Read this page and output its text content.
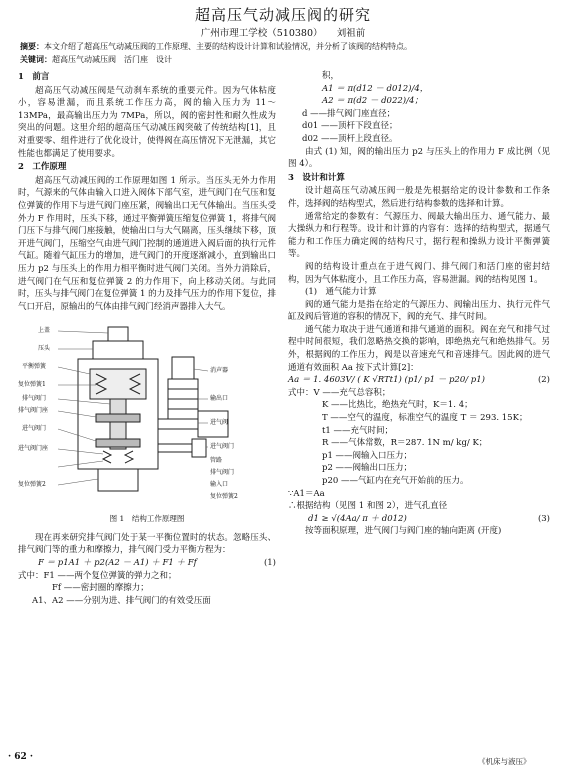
超高压气动减压阀的研究
广州市理工学校（510380）　　刘祖前
摘要：本文介绍了超高压气动减压阀的工作原理、主要的结构设计计算和试验情况，并分析了该阀的结构特点。
关键词：超高压气动减压阀　活门座　设计
1　前言
超高压气动减压阀是气动刹车系统的重要元件。因为气体粘度小，容易泄漏，而且系统工作压力高，阀的输入压力为 11～13MPa，最高输出压力为 7MPa，所以，阀的密封性和耐久性成为突出的问题。这里介绍的超高压气动减压阀突破了传统结构[1]，且对重要零、组件进行了优化设计，使得阀在高压情况下无泄漏，其它性能也都满足了使用要求。
2　工作原理
超高压气动减压阀的工作原理如图 1 所示。当压头无外力作用时，气源来的气体由输入口进入阀体下部气室，进气阀门在气压和复位弹簧的作用下与进气阀门座压紧，阀输出口无气体输出。当压头受外力 F 作用时，压头下移，通过平衡弹簧压缩复位弹簧 1，将排气阀门压下与排气阀门座接触，使输出口与大气隔离，压头继续下移，顶开进气阀门，压缩空气由进气阀门控制的通道进入阀后面的执行元件气缸。随着气缸压力的增加，进气阀门的开度逐渐减小，直到输出口压力 p2 与压头上的作用力相平衡时进气阀门关闭。当外力消除后，进气阀门在气压和复位弹簧 2 的力作用下，向上移动关闭。与此同时，压头与排气阀门在复位弹簧 1 的力及排气压力的作用下复位，排气口开启，原输出的气体由排气阀门经消声器排入大气。
上盖
压头
平衡弹簧
复位弹簧1
排气阀门
排气阀门座
进气阀门
进气阀门座
复位弹簧2
消声器
输出口
进气阀
进气阀门
管路
排气阀门
输入口
复位弹簧2
图 1　结构工作原理图
现在再来研究排气阀门处于某一平衡位置时的状态。忽略压头、排气阀门等的重力和摩擦力，排气阀门受力平衡方程为：
F ＝ p1A1 ＋ p2(A2 － A1) ＋ F1 ＋ Ff	(1)
式中：F1 ——两个复位弹簧的弹力之和；
Ff ——密封圈的摩擦力；
A1、A2 ——分别为进、排气阀门的有效受压面
积，
A1 ＝ π(d12 － d012)/4，
A2 ＝ π(d2 － d022)/4；
d ——排气阀门座直径；
d01 ——顶杆下段直径；
d02 ——顶杆上段直径。
由式 (1) 知，阀的输出压力 p2 与压头上的作用力 F 成比例（见图 4）。
3　设计和计算
设计超高压气动减压阀一般是先根据给定的设计参数和工作条件，选择阀的结构型式，然后进行结构参数的选择和计算。
通常给定的参数有：气源压力、阀最大输出压力、通气能力、最大操纵力和行程等。设计和计算的内容有：选择的结构型式，据通气能力和工作压力确定阀的结构尺寸，据行程和操纵力设计平衡弹簧等。
阀的结构设计重点在于进气阀门、排气阀门和活门座的密封结构，因为气体粘度小，且工作压力高，容易泄漏。阀的结构见图 1。
(1)　通气能力计算
阀的通气能力是指在给定的气源压力、阀输出压力、执行元件气缸及阀后管道的容积的情况下，阀的充气、排气时间。
通气能力取决于进气通道和排气通道的面积。阀在充气和排气过程中时间很短，我们忽略热交换的影响，即绝热充气和绝热排气。另外，根据阀的工作压力，阀是以音速充气和音速排气。因此阀的进气通道有效面积 Aa 按下式计算[2]：
Aa ＝ 1. 4603V/ ( K √RTt1) (p1/ p1 － p20/ p1)	(2)
式中：V ——充气总容积；
K ——比热比，绝热充气时，K＝1. 4；
T ——空气的温度，标准空气的温度 T ＝ 293. 15K；
t1 ——充气时间；
R ——气体常数，R＝287. 1N m/ kg/ K；
p1 ——阀输入口压力；
p2 ——阀输出口压力；
p20 ——气缸内在充气开始前的压力。
∵A1＝Aa
∴根据结构（见图 1 和图 2），进气孔直径
d1 ≥ √(4Aa/ π ＋ d012)	(3)
按等面积原理，进气阀门与阀门座的轴向距离 (开度)
· 62 ·	《机床与液压》
